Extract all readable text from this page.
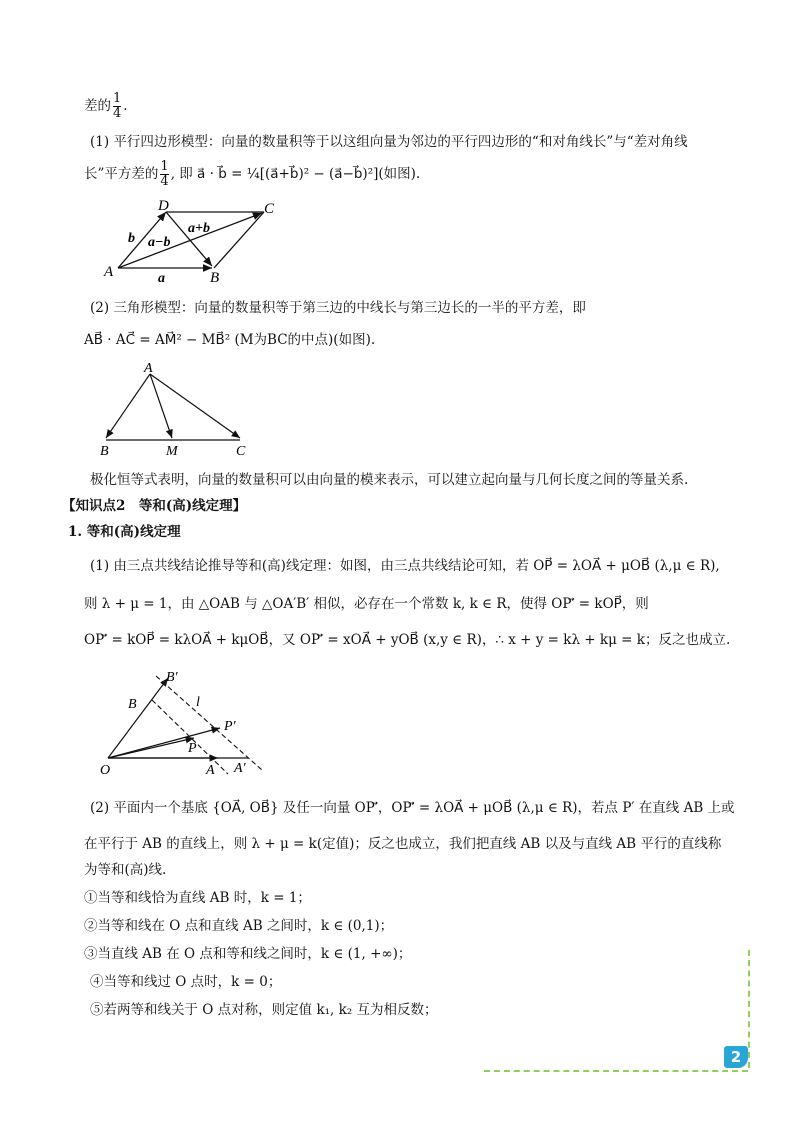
差的 $\frac{1}{4}$ .
(1) 平行四边形模型：向量的数量积等于以这组向量为邻边的平行四边形的“和对角线长”与“差对角线
长”平方差的 $\frac{1}{4}$ , 即 a⃗ · b⃗ = ¼[(a⃗+b⃗)² − (a⃗−b⃗)²](如图).
D	C
A	B
b a−b
a+b
a
(2) 三角形模型：向量的数量积等于第三边的中线长与第三边长的一半的平方差，即
AB⃗ · AC⃗ = AM⃗² − MB⃗² (M为BC的中点)(如图).
A
B	M	C
极化恒等式表明，向量的数量积可以由向量的模来表示，可以建立起向量与几何长度之间的等量关系.
【知识点2　等和(高)线定理】
1. 等和(高)线定理
(1) 由三点共线结论推导等和(高)线定理：如图，由三点共线结论可知，若 OP⃗ = λOA⃗ + μOB⃗ (λ,μ ∈ R),
则 λ + μ = 1，由 △OAB 与 △OA′B′ 相似，必存在一个常数 k, k ∈ R，使得 OP′⃗ = kOP⃗，则
OP′⃗ = kOP⃗ = kλOA⃗ + kμOB⃗，又 OP′⃗ = xOA⃗ + yOB⃗ (x,y ∈ R)，∴ x + y = kλ + kμ = k；反之也成立.
B′
B	l
P′
P
O	A A′
(2) 平面内一个基底 {OA⃗, OB⃗} 及任一向量 OP′⃗，OP′⃗ = λOA⃗ + μOB⃗ (λ,μ ∈ R)，若点 P′ 在直线 AB 上或
在平行于 AB 的直线上，则 λ + μ = k(定值)；反之也成立，我们把直线 AB 以及与直线 AB 平行的直线称
为等和(高)线.
①当等和线恰为直线 AB 时，k = 1；
②当等和线在 O 点和直线 AB 之间时，k ∈ (0,1)；
③当直线 AB 在 O 点和等和线之间时，k ∈ (1, +∞)；
④当等和线过 O 点时，k = 0；
⑤若两等和线关于 O 点对称，则定值 k₁, k₂ 互为相反数；
2
